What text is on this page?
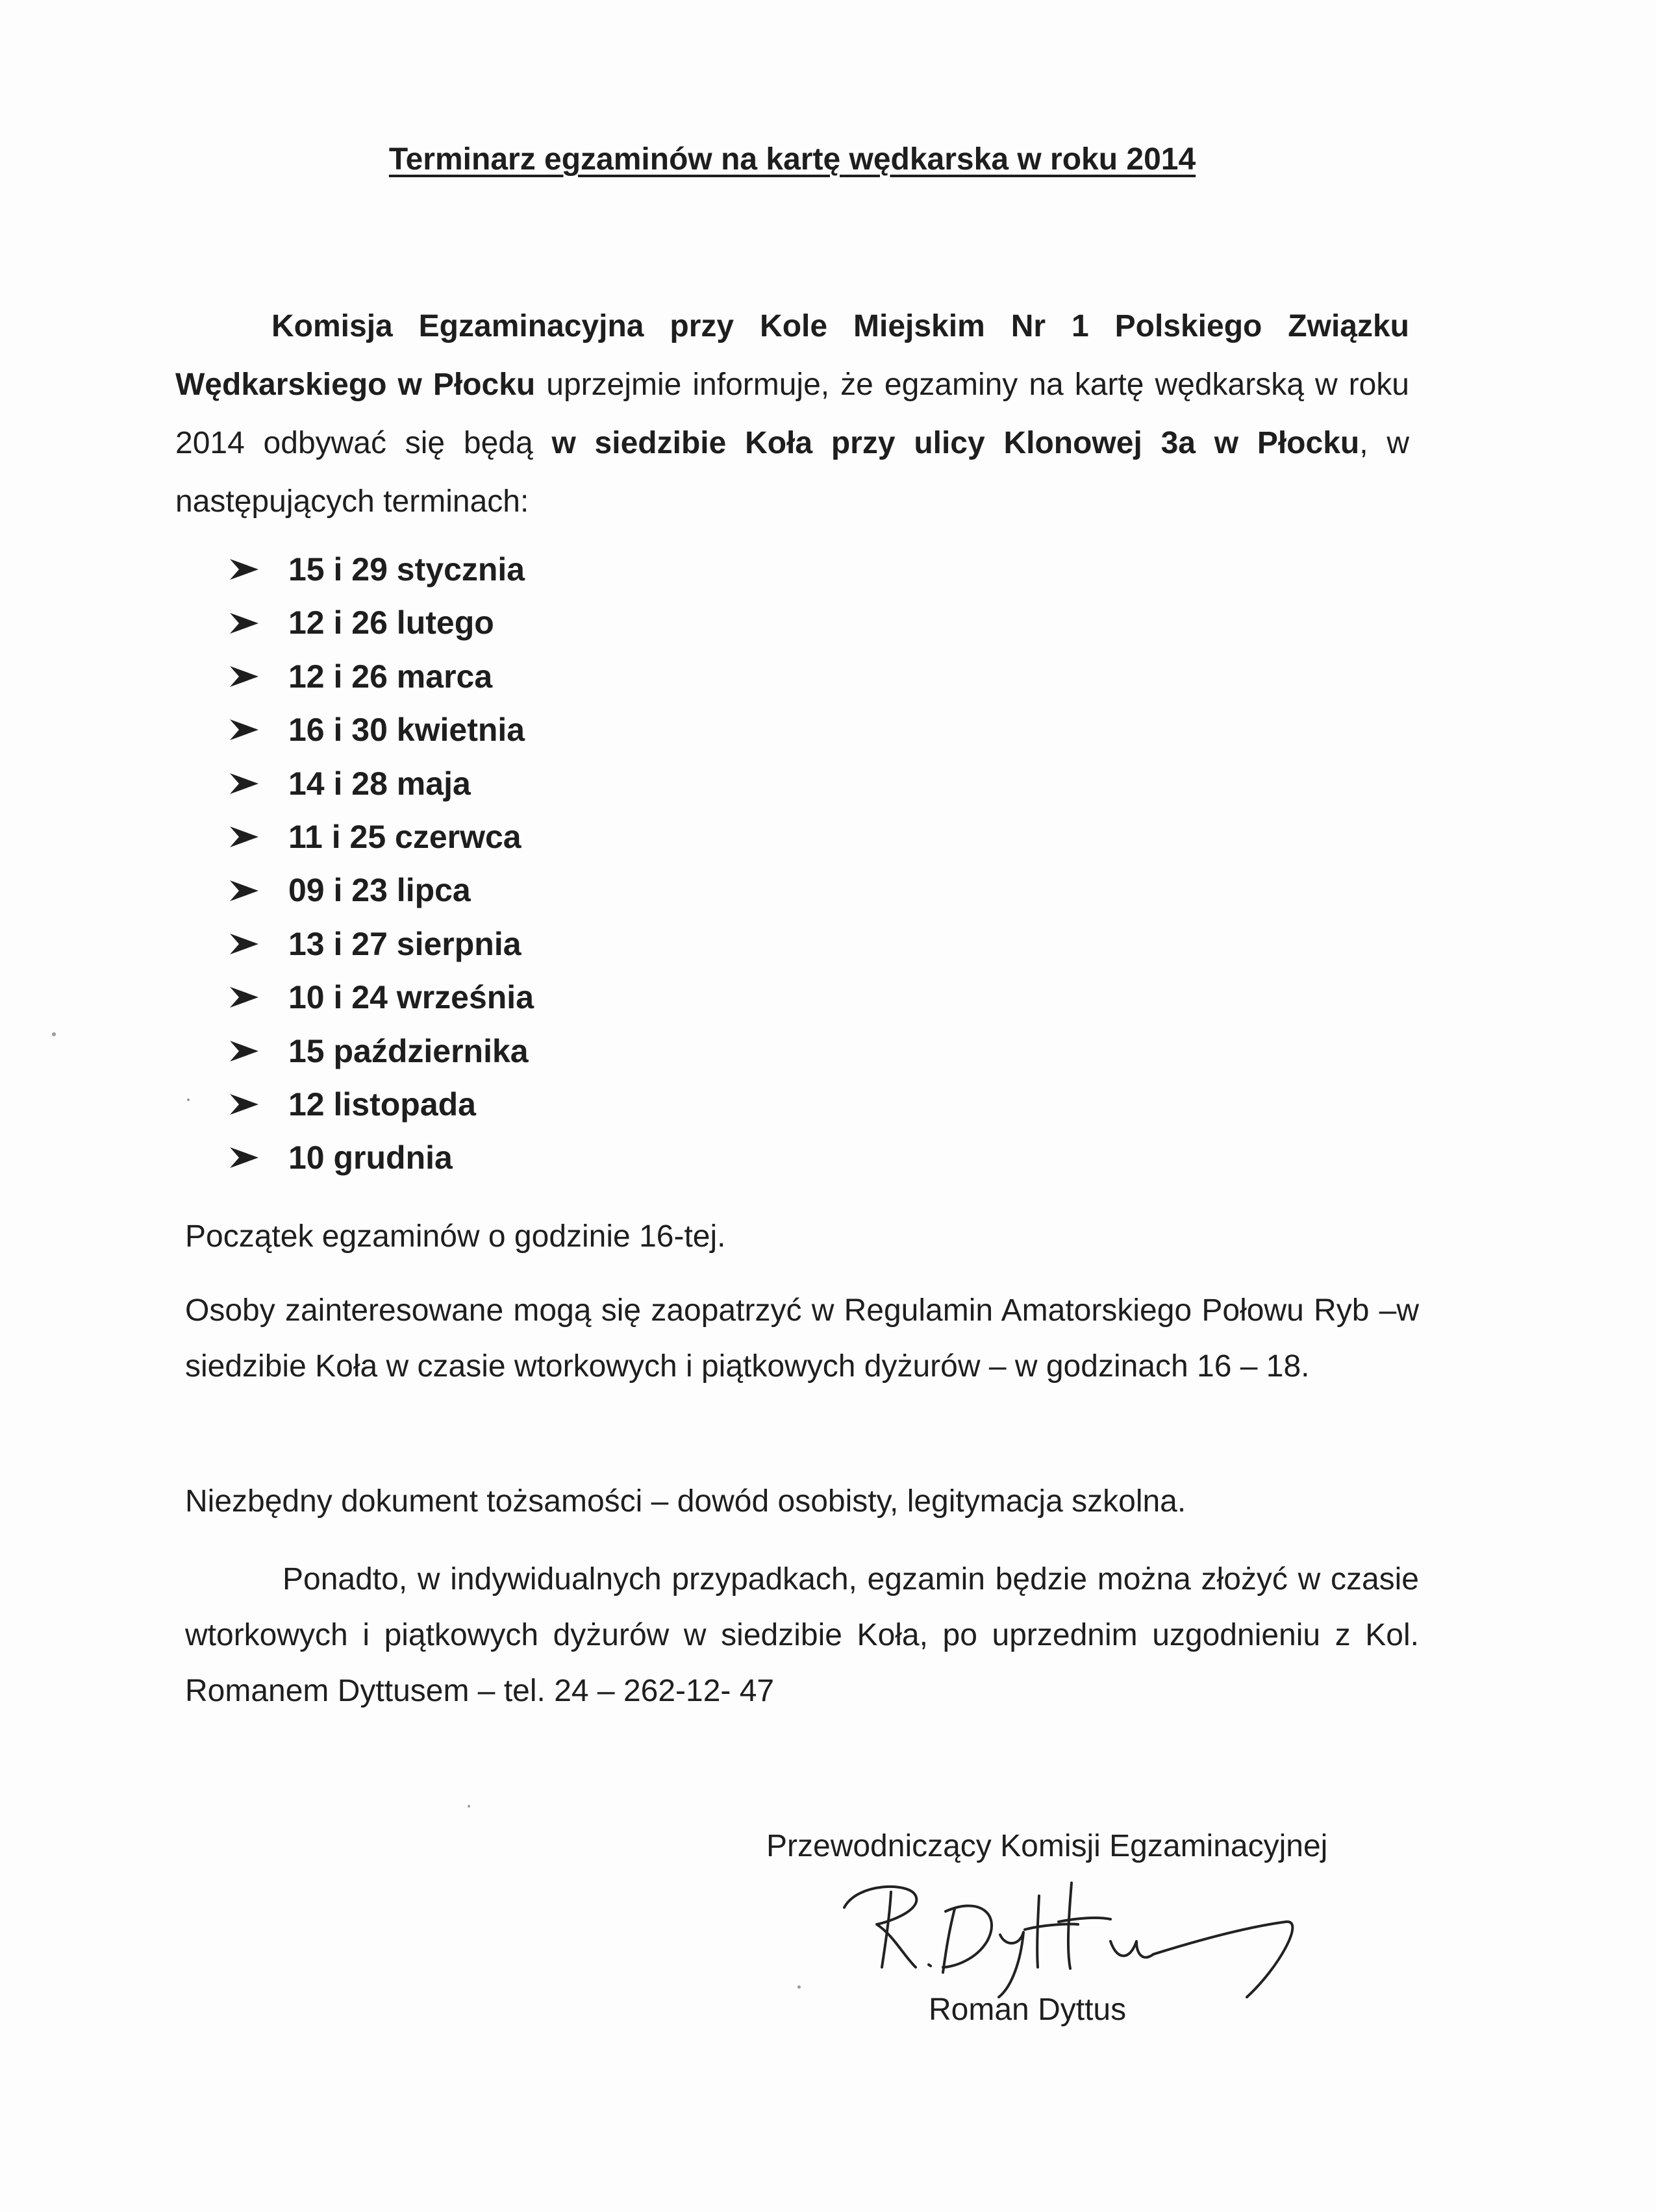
Terminarz egzaminów na kartę wędkarska w roku 2014
Komisja Egzaminacyjna przy Kole Miejskim Nr 1 Polskiego Związku Wędkarskiego w Płocku uprzejmie informuje, że egzaminy na kartę wędkarską w roku 2014 odbywać się będą w siedzibie Koła przy ulicy Klonowej 3a w Płocku, w następujących terminach:
15 i 29 stycznia
12 i 26 lutego
12 i 26 marca
16 i 30 kwietnia
14 i 28 maja
11 i 25 czerwca
09 i 23 lipca
13 i 27 sierpnia
10 i 24 września
15 października
12 listopada
10 grudnia
Początek egzaminów o godzinie 16-tej.
Osoby zainteresowane mogą się zaopatrzyć w Regulamin Amatorskiego Połowu Ryb –w siedzibie Koła w czasie wtorkowych i piątkowych dyżurów – w godzinach 16 – 18.
Niezbędny dokument tożsamości – dowód osobisty, legitymacja szkolna.
Ponadto, w indywidualnych przypadkach, egzamin będzie można złożyć w czasie wtorkowych i piątkowych dyżurów w siedzibie Koła, po uprzednim uzgodnieniu z Kol. Romanem Dyttusem – tel. 24 – 262-12- 47
Przewodniczący Komisji Egzaminacyjnej
Roman Dyttus
